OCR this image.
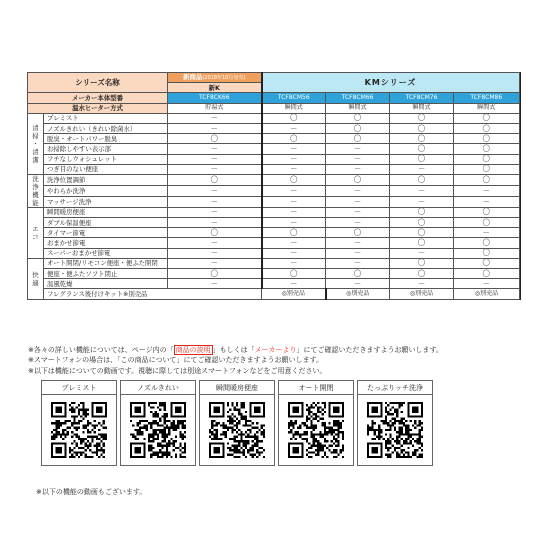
シリーズ名称		新商品(2018年10月発売)	KMシリーズ	
		新K					
メーカー本体型番		TCF8CK66	TCF8CM56	TCF8CM66	TCF8CM76	TCF8CM86	
温水ヒーター方式		貯湯式	瞬間式	瞬間式	瞬間式	瞬間式	

清
掃
・
清
潔	プレミスト	－	〇	〇	〇	〇	
	ノズルきれい（きれい除菌水）	－	－	〇	〇	〇	
	脱臭・オートパワー脱臭	〇	〇	〇	〇	〇	
	お掃除しやすい表示部	－	－	－	〇	〇	
	フチなしウォシュレット	－	－	－	〇	〇	
	つぎ目のない便座	－	－	－	－	〇	

洗
浄
機
能	洗浄位置調節	〇	〇	〇	〇	〇	
	やわらか洗浄	－	－	－	－	－	
	マッサージ洗浄	－	－	－	－	－	

エ
コ	瞬間暖房便座	－	－	－	〇	〇	
	ダブル保温便座	－	－	－	〇	〇	
	タイマー節電	〇	〇	〇	〇	－	
	おまかせ節電	－	－	－	〇	〇	
	スーパーおまかせ節電	－	－	－	－	〇	

快
適	オート開閉/リモコン便座・便ふた開閉	－	－	－	〇	〇	
	便座・便ふたソフト閉止	〇	〇	〇	〇	〇	
	温風乾燥	－	－	－	－	－	
	フレグランス後付けキット※別売品		◎別売品	◎別売品	◎別売品	◎別売品		
※各々の詳しい機能については、ページ内の「 商品の説明 」もしくは「メーカーより」にてご確認いただきますようお願いします。
※スマートフォンの場合は、「この商品について」にてご確認いただきますようお願いします。
※以下は機能についての動画です。視聴に際しては別途スマートフォンなどをご用意ください。
プレミスト	ノズルきれい	瞬間暖房便座	オート開閉	たっぷりッチ洗浄
※以下の機能の動画もございます。
